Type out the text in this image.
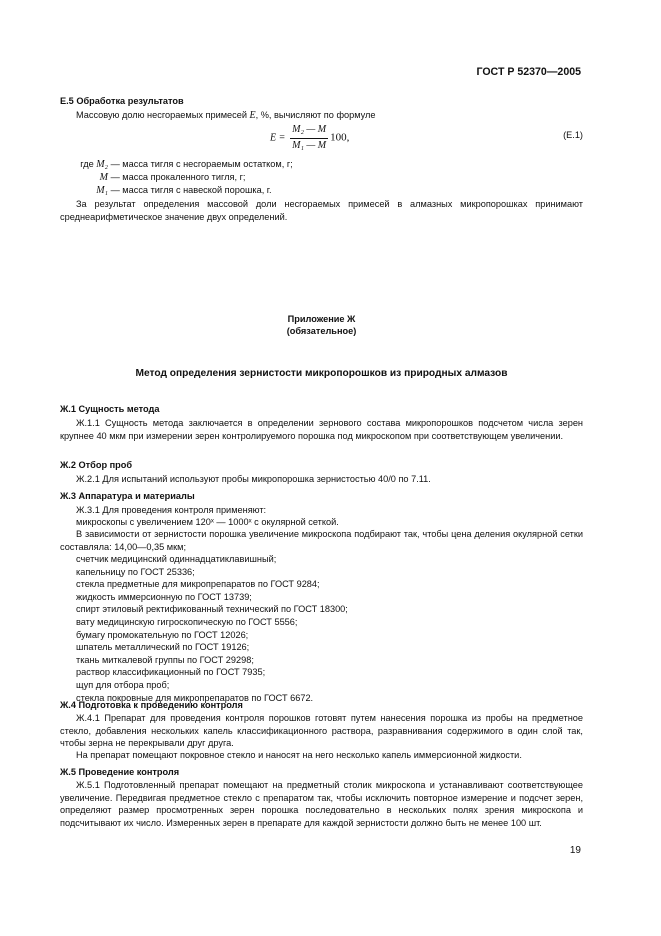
ГОСТ Р 52370—2005
Е.5 Обработка результатов
Массовую долю несгораемых примесей E, %, вычисляют по формуле
$E = \frac{\text{M₂ — M}}{\text{M₁ — M}} 100$,	(Е.1)
где M₂ — масса тигля с несгораемым остатком, г;
M — масса прокаленного тигля, г;
M₁ — масса тигля с навеской порошка, г.

За результат определения массовой доли несгораемых примесей в алмазных микропорошках принимают среднеарифметическое значение двух определений.

Приложение Ж
(обязательное)
Метод определения зернистости микропорошков из природных алмазов
Ж.1 Сущность метода

Ж.1.1 Сущность метода заключается в определении зернового состава микропорошков подсчетом числа зерен крупнее 40 мкм при измерении зерен контролируемого порошка под микроскопом при соответствующем увеличении.

Ж.2 Отбор проб

Ж.2.1 Для испытаний используют пробы микропорошка зернистостью 40/0 по 7.11.

Ж.3 Аппаратура и материалы

Ж.3.1 Для проведения контроля применяют:

микроскопы с увеличением 120ˣ — 1000ˣ с окулярной сеткой.

В зависимости от зернистости порошка увеличение микроскопа подбирают так, чтобы цена деления окулярной сетки составляла: 14,00—0,35 мкм;

счетчик медицинский одиннадцатиклавишный;
капельницу по ГОСТ 25336;
стекла предметные для микропрепаратов по ГОСТ 9284;
жидкость иммерсионную по ГОСТ 13739;
спирт этиловый ректификованный технический по ГОСТ 18300;
вату медицинскую гигроскопическую по ГОСТ 5556;
бумагу промокательную по ГОСТ 12026;
шпатель металлический по ГОСТ 19126;
ткань миткалевой группы по ГОСТ 29298;
раствор классификационный по ГОСТ 7935;
щуп для отбора проб;
стекла покровные для микропрепаратов по ГОСТ 6672.
Ж.4 Подготовка к проведению контроля

Ж.4.1 Препарат для проведения контроля порошков готовят путем нанесения порошка из пробы на предметное стекло, добавления нескольких капель классификационного раствора, разравнивания содержимого в один слой так, чтобы зерна не перекрывали друг друга.

На препарат помещают покровное стекло и наносят на него несколько капель иммерсионной жидкости.

Ж.5 Проведение контроля

Ж.5.1 Подготовленный препарат помещают на предметный столик микроскопа и устанавливают соответствующее увеличение. Передвигая предметное стекло с препаратом так, чтобы исключить повторное измерение и подсчет зерен, определяют размер просмотренных зерен порошка последовательно в нескольких полях зрения микроскопа и подсчитывают их число. Измеренных зерен в препарате для каждой зернистости должно быть не менее 100 шт.

19
